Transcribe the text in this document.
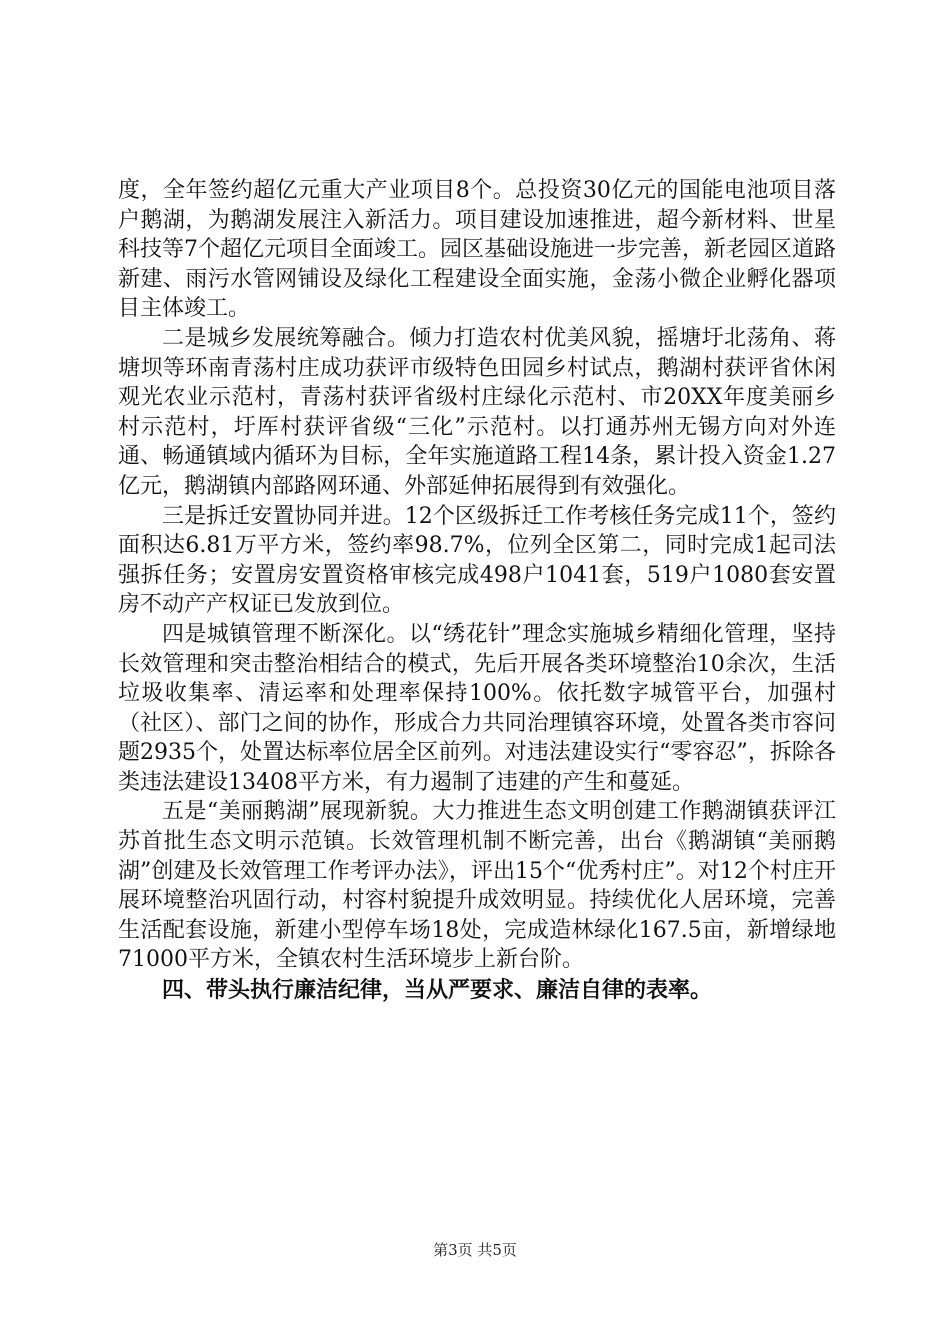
度，全年签约超亿元重大产业项目8个。总投资30亿元的国能电池项目落户鹅湖，为鹅湖发展注入新活力。项目建设加速推进，超今新材料、世星科技等7个超亿元项目全面竣工。园区基础设施进一步完善，新老园区道路新建、雨污水管网铺设及绿化工程建设全面实施，金荡小微企业孵化器项目主体竣工。

二是城乡发展统筹融合。倾力打造农村优美风貌，摇塘圩北荡角、蒋塘坝等环南青荡村庄成功获评市级特色田园乡村试点，鹅湖村获评省休闲观光农业示范村，青荡村获评省级村庄绿化示范村、市20XX年度美丽乡村示范村，圩厍村获评省级“三化”示范村。以打通苏州无锡方向对外连通、畅通镇域内循环为目标，全年实施道路工程14条，累计投入资金1.27亿元，鹅湖镇内部路网环通、外部延伸拓展得到有效强化。

三是拆迁安置协同并进。12个区级拆迁工作考核任务完成11个，签约面积达6.81万平方米，签约率98.7%，位列全区第二，同时完成1起司法强拆任务；安置房安置资格审核完成498户1041套，519户1080套安置房不动产产权证已发放到位。

四是城镇管理不断深化。以“绣花针”理念实施城乡精细化管理，坚持长效管理和突击整治相结合的模式，先后开展各类环境整治10余次，生活垃圾收集率、清运率和处理率保持100%。依托数字城管平台，加强村（社区）、部门之间的协作，形成合力共同治理镇容环境，处置各类市容问题2935个，处置达标率位居全区前列。对违法建设实行“零容忍”，拆除各类违法建设13408平方米，有力遏制了违建的产生和蔓延。

五是“美丽鹅湖”展现新貌。大力推进生态文明创建工作鹅湖镇获评江苏首批生态文明示范镇。长效管理机制不断完善，出台《鹅湖镇“美丽鹅湖”创建及长效管理工作考评办法》，评出15个“优秀村庄”。对12个村庄开展环境整治巩固行动，村容村貌提升成效明显。持续优化人居环境，完善生活配套设施，新建小型停车场18处，完成造林绿化167.5亩，新增绿地71000平方米，全镇农村生活环境步上新台阶。

四、带头执行廉洁纪律，当从严要求、廉洁自律的表率。

第3页 共5页
